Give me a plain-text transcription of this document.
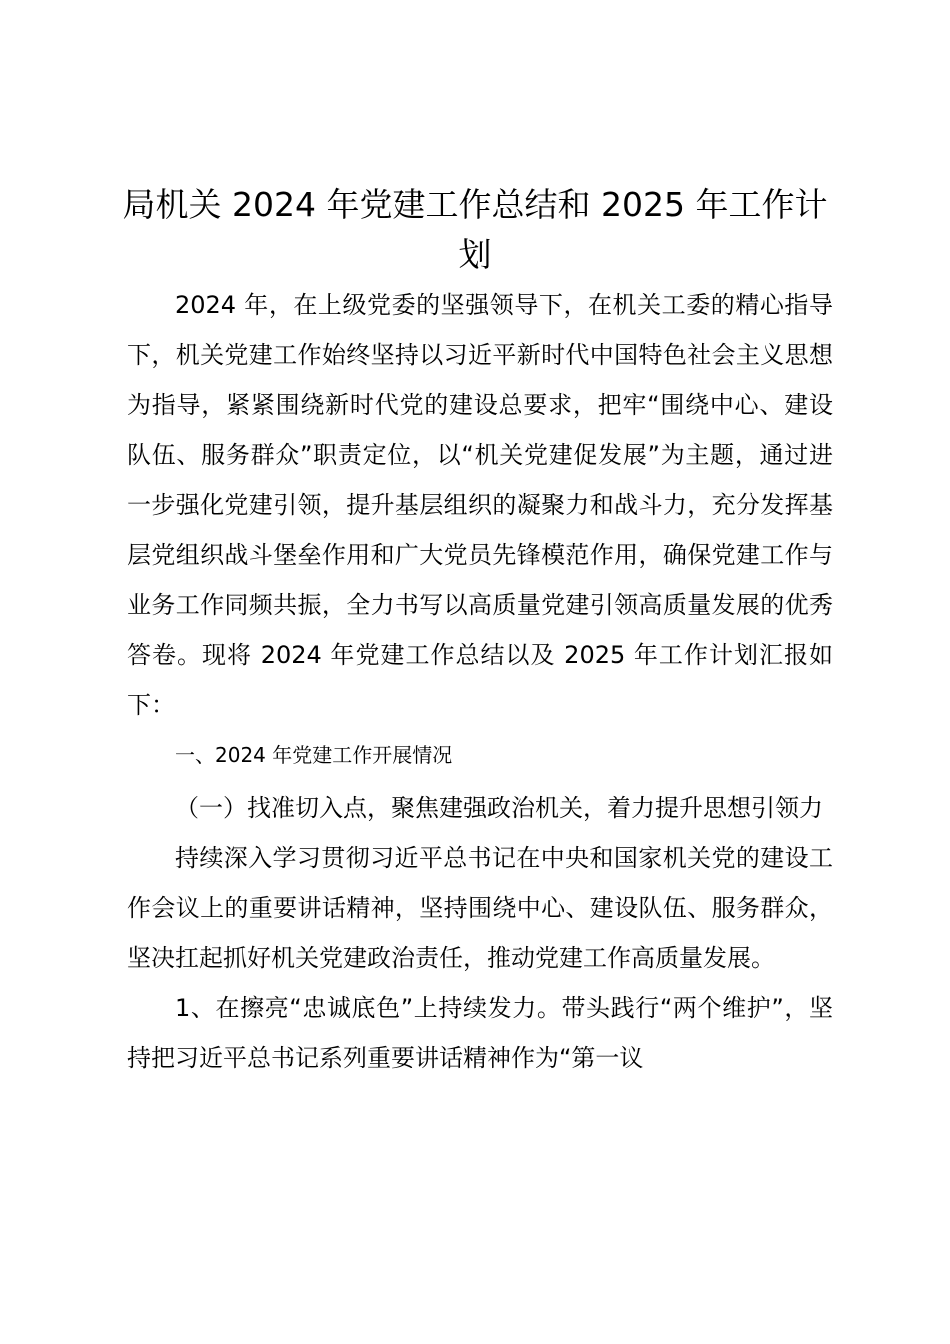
局机关 2024 年党建工作总结和 2025 年工作计划

2024 年，在上级党委的坚强领导下，在机关工委的精心指导下，机关党建工作始终坚持以习近平新时代中国特色社会主义思想为指导，紧紧围绕新时代党的建设总要求，把牢“围绕中心、建设队伍、服务群众”职责定位，以“机关党建促发展”为主题，通过进一步强化党建引领，提升基层组织的凝聚力和战斗力，充分发挥基层党组织战斗堡垒作用和广大党员先锋模范作用，确保党建工作与业务工作同频共振，全力书写以高质量党建引领高质量发展的优秀答卷。现将 2024 年党建工作总结以及 2025 年工作计划汇报如下：

一、2024 年党建工作开展情况

（一）找准切入点，聚焦建强政治机关，着力提升思想引领力

持续深入学习贯彻习近平总书记在中央和国家机关党的建设工作会议上的重要讲话精神，坚持围绕中心、建设队伍、服务群众，坚决扛起抓好机关党建政治责任，推动党建工作高质量发展。

1、在擦亮“忠诚底色”上持续发力。带头践行“两个维护”，坚持把习近平总书记系列重要讲话精神作为“第一议
